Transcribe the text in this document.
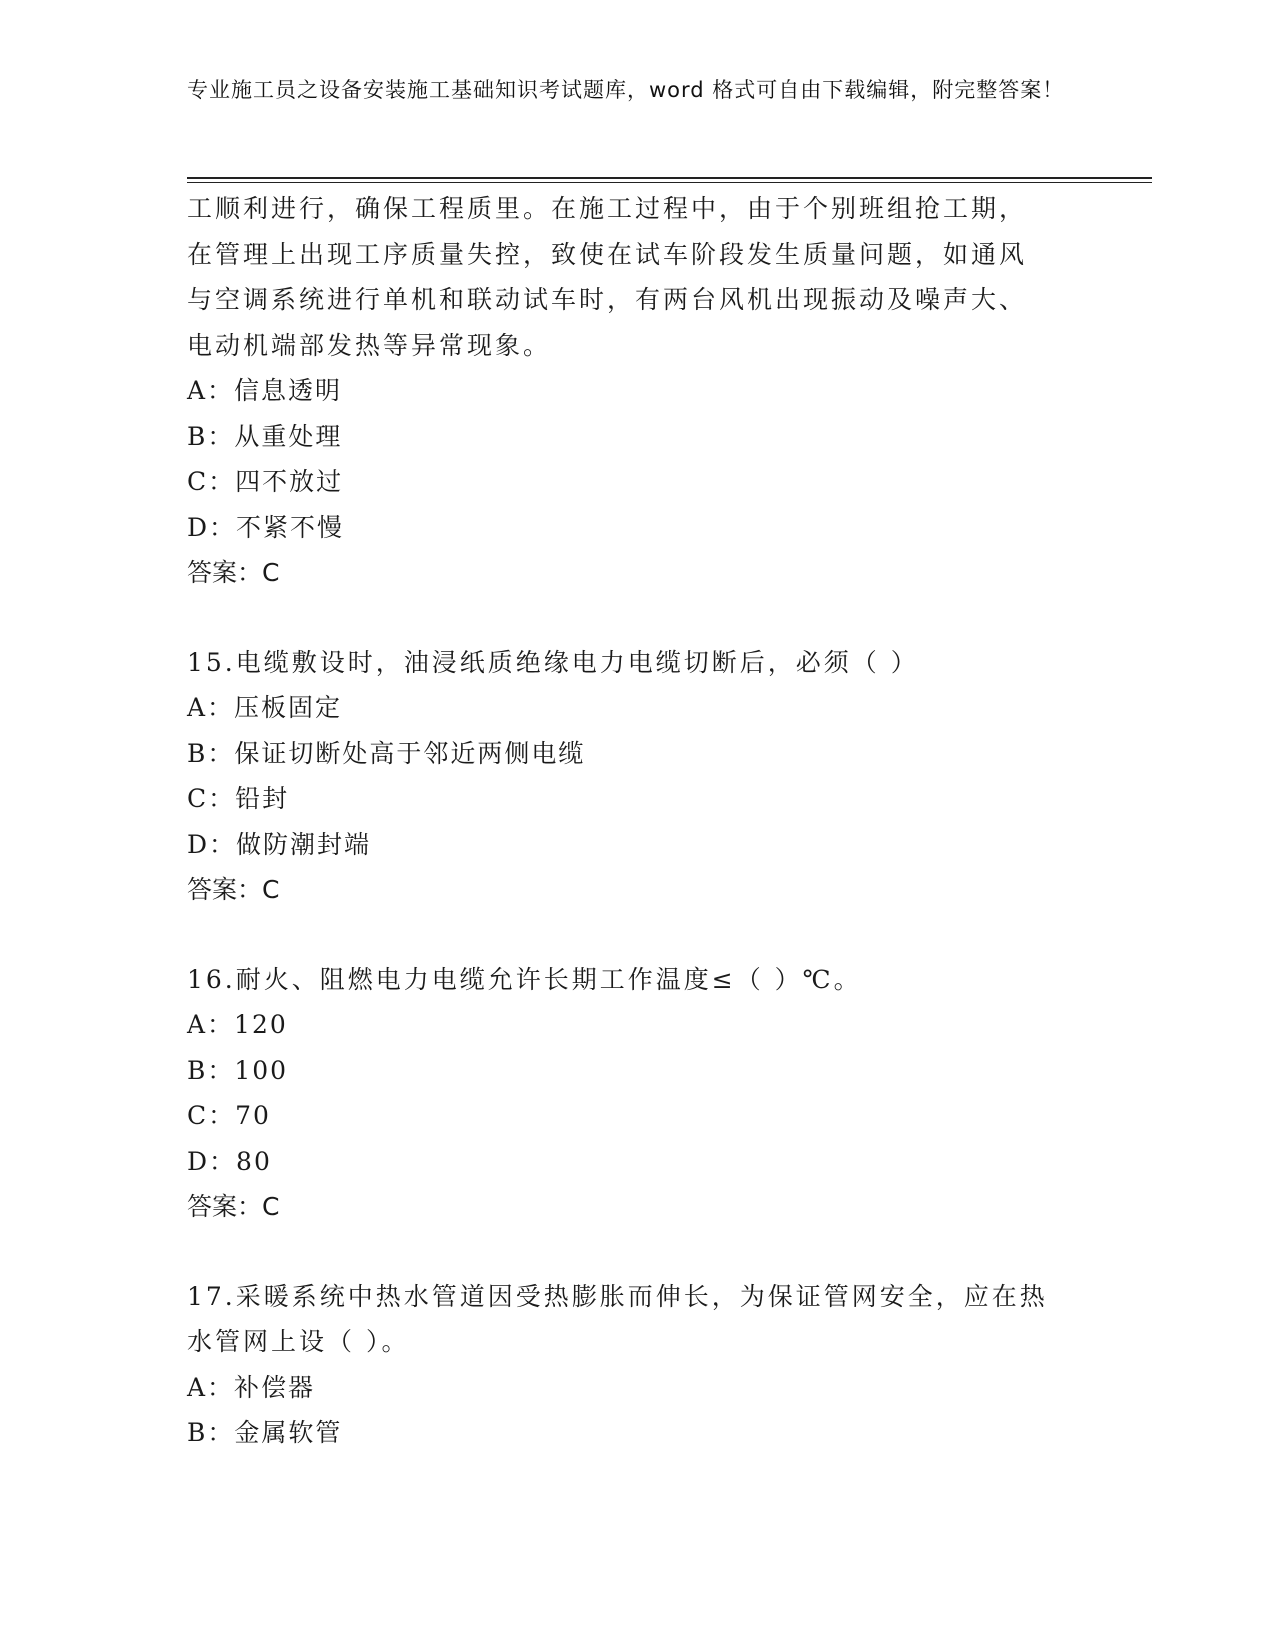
专业施工员之设备安装施工基础知识考试题库，word 格式可自由下载编辑，附完整答案！

工顺利进行，确保工程质里。在施工过程中，由于个别班组抢工期，

在管理上出现工序质量失控，致使在试车阶段发生质量问题，如通风

与空调系统进行单机和联动试车时，有两台风机出现振动及噪声大、

电动机端部发热等异常现象。

A：信息透明

B：从重处理

C：四不放过

D：不紧不慢

答案：C

15.电缆敷设时，油浸纸质绝缘电力电缆切断后，必须（ ）

A：压板固定

B：保证切断处高于邻近两侧电缆

C：铅封

D：做防潮封端

答案：C

16.耐火、阻燃电力电缆允许长期工作温度≤（ ）℃。

A：120

B：100

C：70

D：80

答案：C

17.采暖系统中热水管道因受热膨胀而伸长，为保证管网安全，应在热

水管网上设（ ）。

A：补偿器

B：金属软管
